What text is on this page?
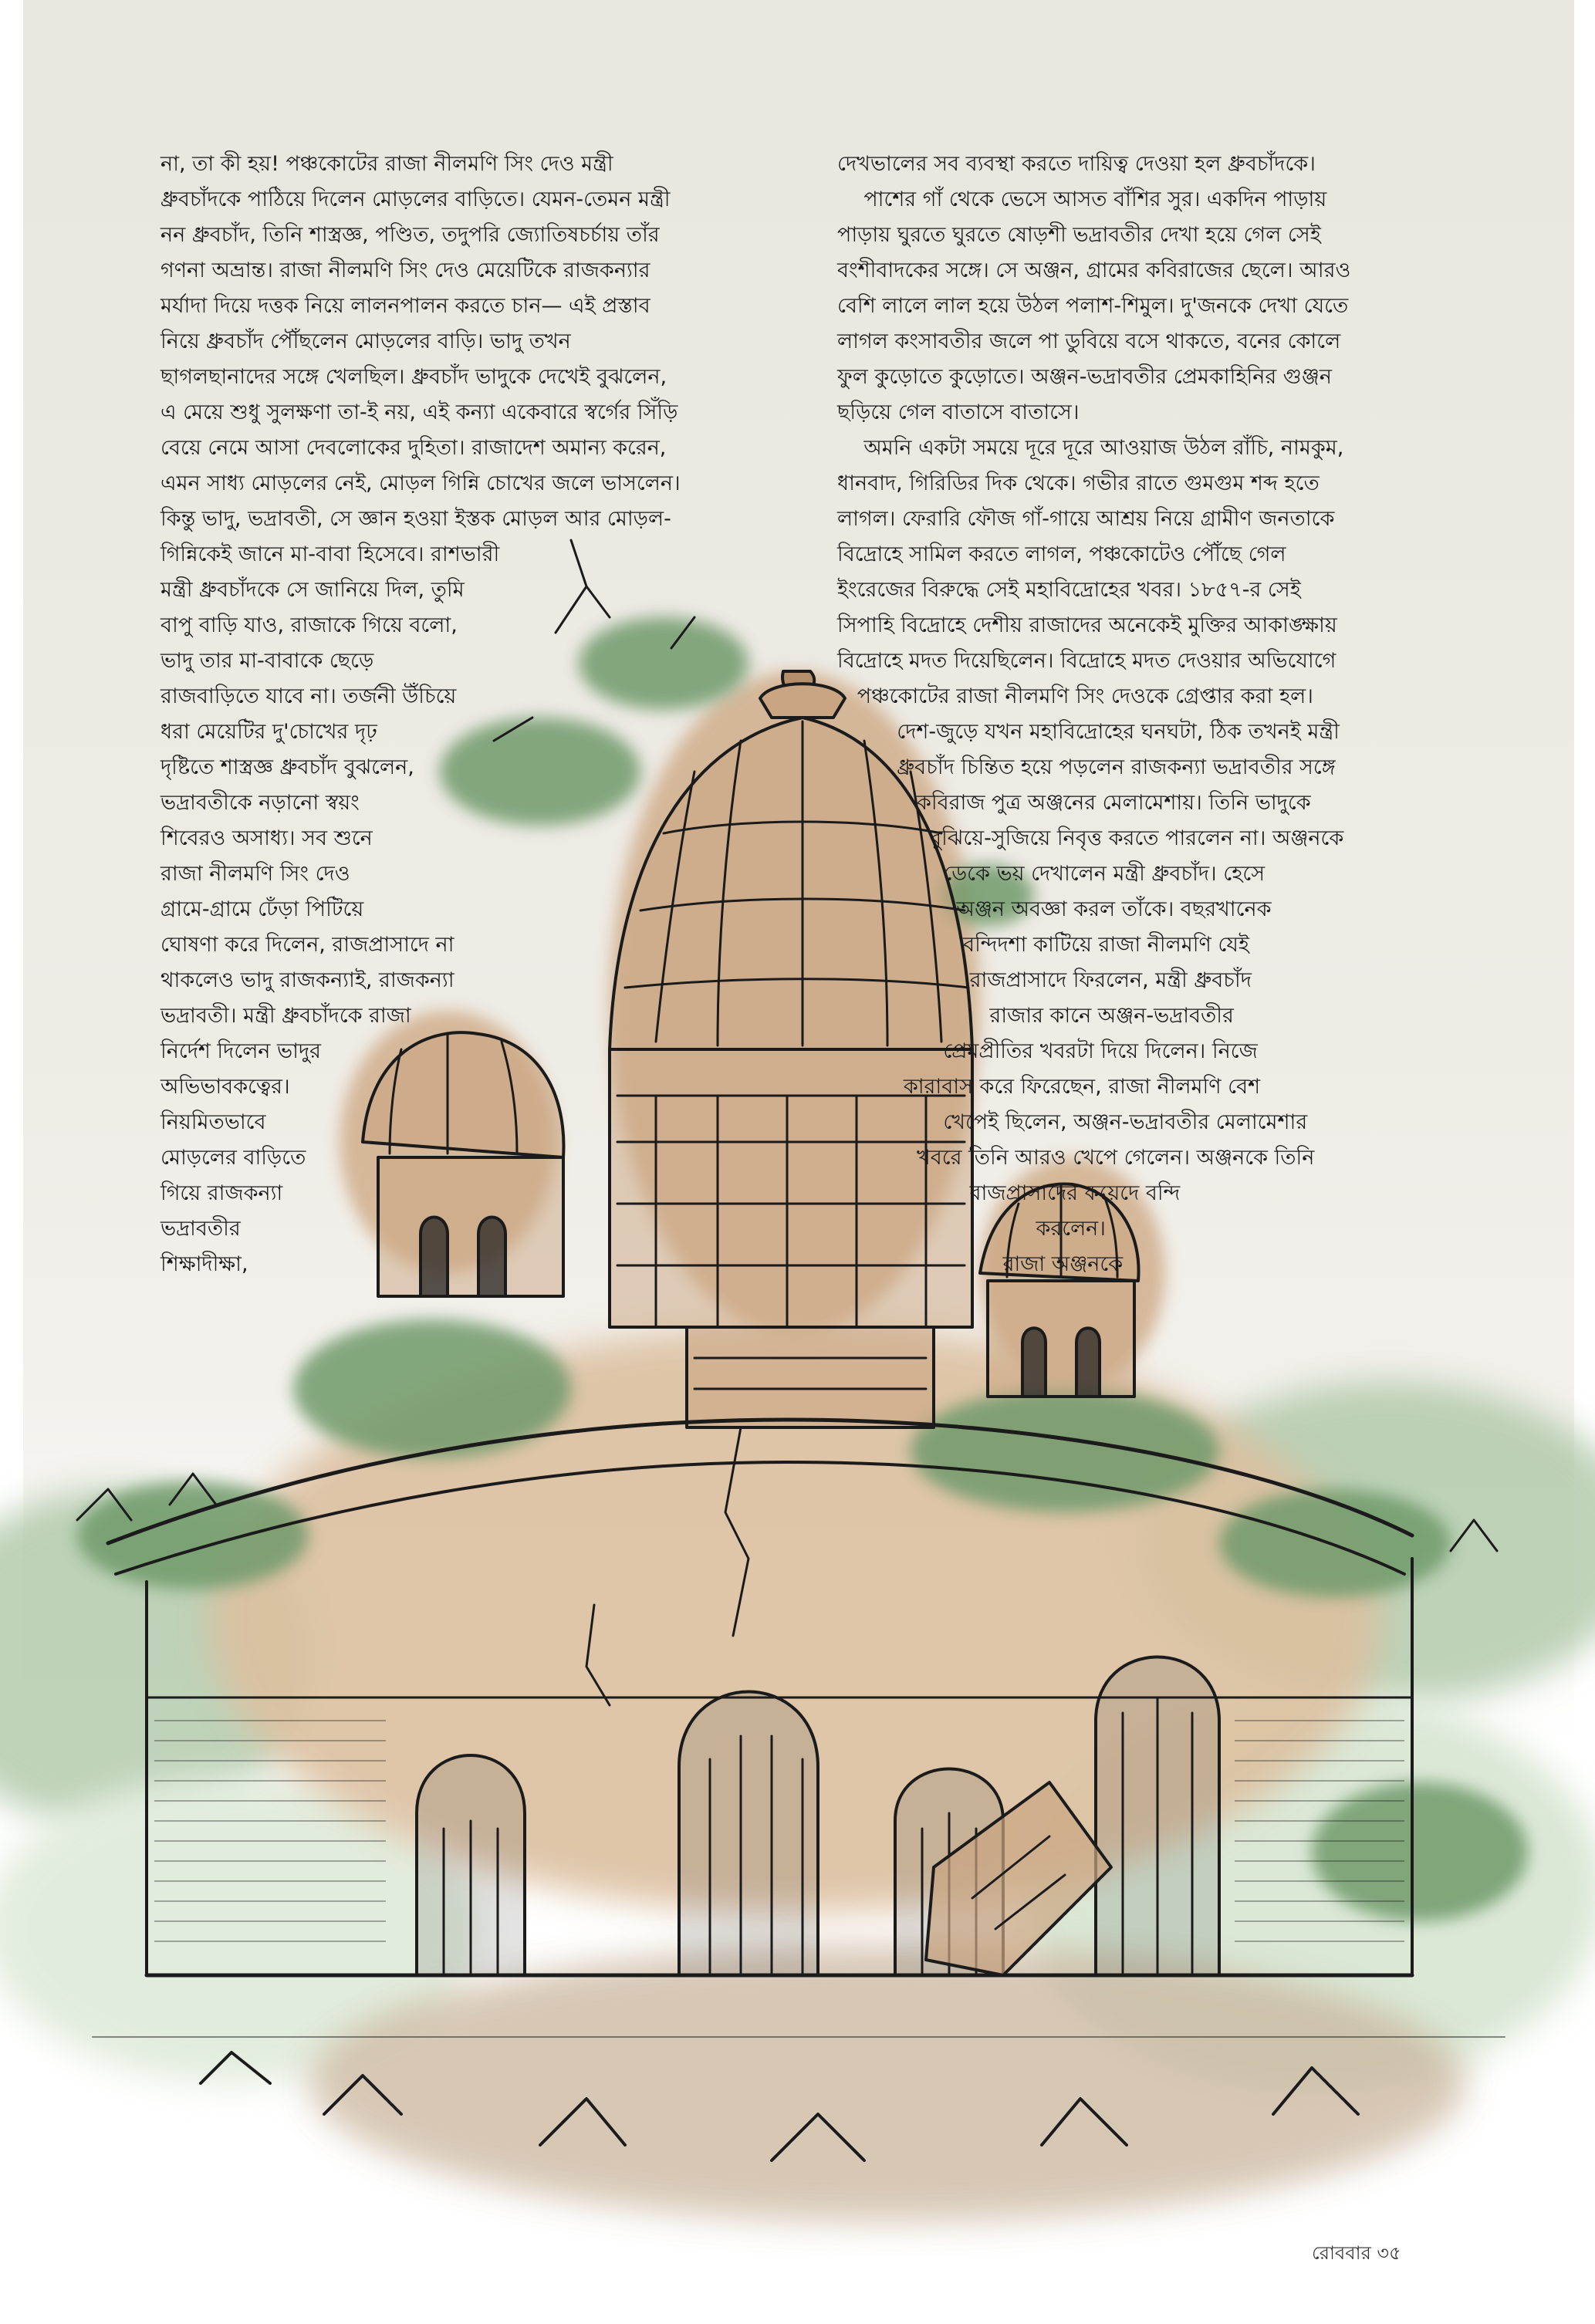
না, তা কী হয়! পঞ্চকোটের রাজা নীলমণি সিং দেও মন্ত্রী
ধ্রুবচাঁদকে পাঠিয়ে দিলেন মোড়লের বাড়িতে। যেমন-তেমন মন্ত্রী
নন ধ্রুবচাঁদ, তিনি শাস্ত্রজ্ঞ, পণ্ডিত, তদুপরি জ্যোতিষচর্চায় তাঁর
গণনা অভ্রান্ত। রাজা নীলমণি সিং দেও মেয়েটিকে রাজকন্যার
মর্যাদা দিয়ে দত্তক নিয়ে লালনপালন করতে চান— এই প্রস্তাব
নিয়ে ধ্রুবচাঁদ পৌঁছলেন মোড়লের বাড়ি। ভাদু তখন
ছাগলছানাদের সঙ্গে খেলছিল। ধ্রুবচাঁদ ভাদুকে দেখেই বুঝলেন,
এ মেয়ে শুধু সুলক্ষণা তা-ই নয়, এই কন্যা একেবারে স্বর্গের সিঁড়ি
বেয়ে নেমে আসা দেবলোকের দুহিতা। রাজাদেশ অমান্য করেন,
এমন সাধ্য মোড়লের নেই, মোড়ল গিন্নি চোখের জলে ভাসলেন।
কিন্তু ভাদু, ভদ্রাবতী, সে জ্ঞান হওয়া ইস্তক মোড়ল আর মোড়ল-
গিন্নিকেই জানে মা-বাবা হিসেবে। রাশভারী
মন্ত্রী ধ্রুবচাঁদকে সে জানিয়ে দিল, তুমি
বাপু বাড়ি যাও, রাজাকে গিয়ে বলো,
ভাদু তার মা-বাবাকে ছেড়ে
রাজবাড়িতে যাবে না। তর্জনী উঁচিয়ে
ধরা মেয়েটির দু'চোখের দৃঢ়
দৃষ্টিতে শাস্ত্রজ্ঞ ধ্রুবচাঁদ বুঝলেন,
ভদ্রাবতীকে নড়ানো স্বয়ং
শিবেরও অসাধ্য। সব শুনে
রাজা নীলমণি সিং দেও
গ্রামে-গ্রামে ঢেঁড়া পিটিয়ে
ঘোষণা করে দিলেন, রাজপ্রাসাদে না
থাকলেও ভাদু রাজকন্যাই, রাজকন্যা
ভদ্রাবতী। মন্ত্রী ধ্রুবচাঁদকে রাজা
নির্দেশ দিলেন ভাদুর
অভিভাবকত্বের।
নিয়মিতভাবে
মোড়লের বাড়িতে
গিয়ে রাজকন্যা
ভদ্রাবতীর
শিক্ষাদীক্ষা,
দেখভালের সব ব্যবস্থা করতে দায়িত্ব দেওয়া হল ধ্রুবচাঁদকে।
পাশের গাঁ থেকে ভেসে আসত বাঁশির সুর। একদিন পাড়ায়
পাড়ায় ঘুরতে ঘুরতে ষোড়শী ভদ্রাবতীর দেখা হয়ে গেল সেই
বংশীবাদকের সঙ্গে। সে অঞ্জন, গ্রামের কবিরাজের ছেলে। আরও
বেশি লালে লাল হয়ে উঠল পলাশ-শিমুল। দু'জনকে দেখা যেতে
লাগল কংসাবতীর জলে পা ডুবিয়ে বসে থাকতে, বনের কোলে
ফুল কুড়োতে কুড়োতে। অঞ্জন-ভদ্রাবতীর প্রেমকাহিনির গুঞ্জন
ছড়িয়ে গেল বাতাসে বাতাসে।
অমনি একটা সময়ে দূরে দূরে আওয়াজ উঠল রাঁচি, নামকুম,
ধানবাদ, গিরিডির দিক থেকে। গভীর রাতে গুমগুম শব্দ হতে
লাগল। ফেরারি ফৌজ গাঁ-গায়ে আশ্রয় নিয়ে গ্রামীণ জনতাকে
বিদ্রোহে সামিল করতে লাগল, পঞ্চকোটেও পৌঁছে গেল
ইংরেজের বিরুদ্ধে সেই মহাবিদ্রোহের খবর। ১৮৫৭-র সেই
সিপাহি বিদ্রোহে দেশীয় রাজাদের অনেকেই মুক্তির আকাঙ্ক্ষায়
বিদ্রোহে মদত দিয়েছিলেন। বিদ্রোহে মদত দেওয়ার অভিযোগে
পঞ্চকোটের রাজা নীলমণি সিং দেওকে গ্রেপ্তার করা হল।
দেশ-জুড়ে যখন মহাবিদ্রোহের ঘনঘটা, ঠিক তখনই মন্ত্রী
ধ্রুবচাঁদ চিন্তিত হয়ে পড়লেন রাজকন্যা ভদ্রাবতীর সঙ্গে
কবিরাজ পুত্র অঞ্জনের মেলামেশায়। তিনি ভাদুকে
বুঝিয়ে-সুজিয়ে নিবৃত্ত করতে পারলেন না। অঞ্জনকে
ডেকে ভয় দেখালেন মন্ত্রী ধ্রুবচাঁদ। হেসে
অঞ্জন অবজ্ঞা করল তাঁকে। বছরখানেক
বন্দিদশা কাটিয়ে রাজা নীলমণি যেই
রাজপ্রাসাদে ফিরলেন, মন্ত্রী ধ্রুবচাঁদ
রাজার কানে অঞ্জন-ভদ্রাবতীর
প্রেমপ্রীতির খবরটা দিয়ে দিলেন। নিজে
কারাবাস করে ফিরেছেন, রাজা নীলমণি বেশ
খেপেই ছিলেন, অঞ্জন-ভদ্রাবতীর মেলামেশার
খবরে তিনি আরও খেপে গেলেন। অঞ্জনকে তিনি
রাজপ্রাসাদের কয়েদে বন্দি
করলেন।
রাজা অঞ্জনকে
রোববার ৩৫
